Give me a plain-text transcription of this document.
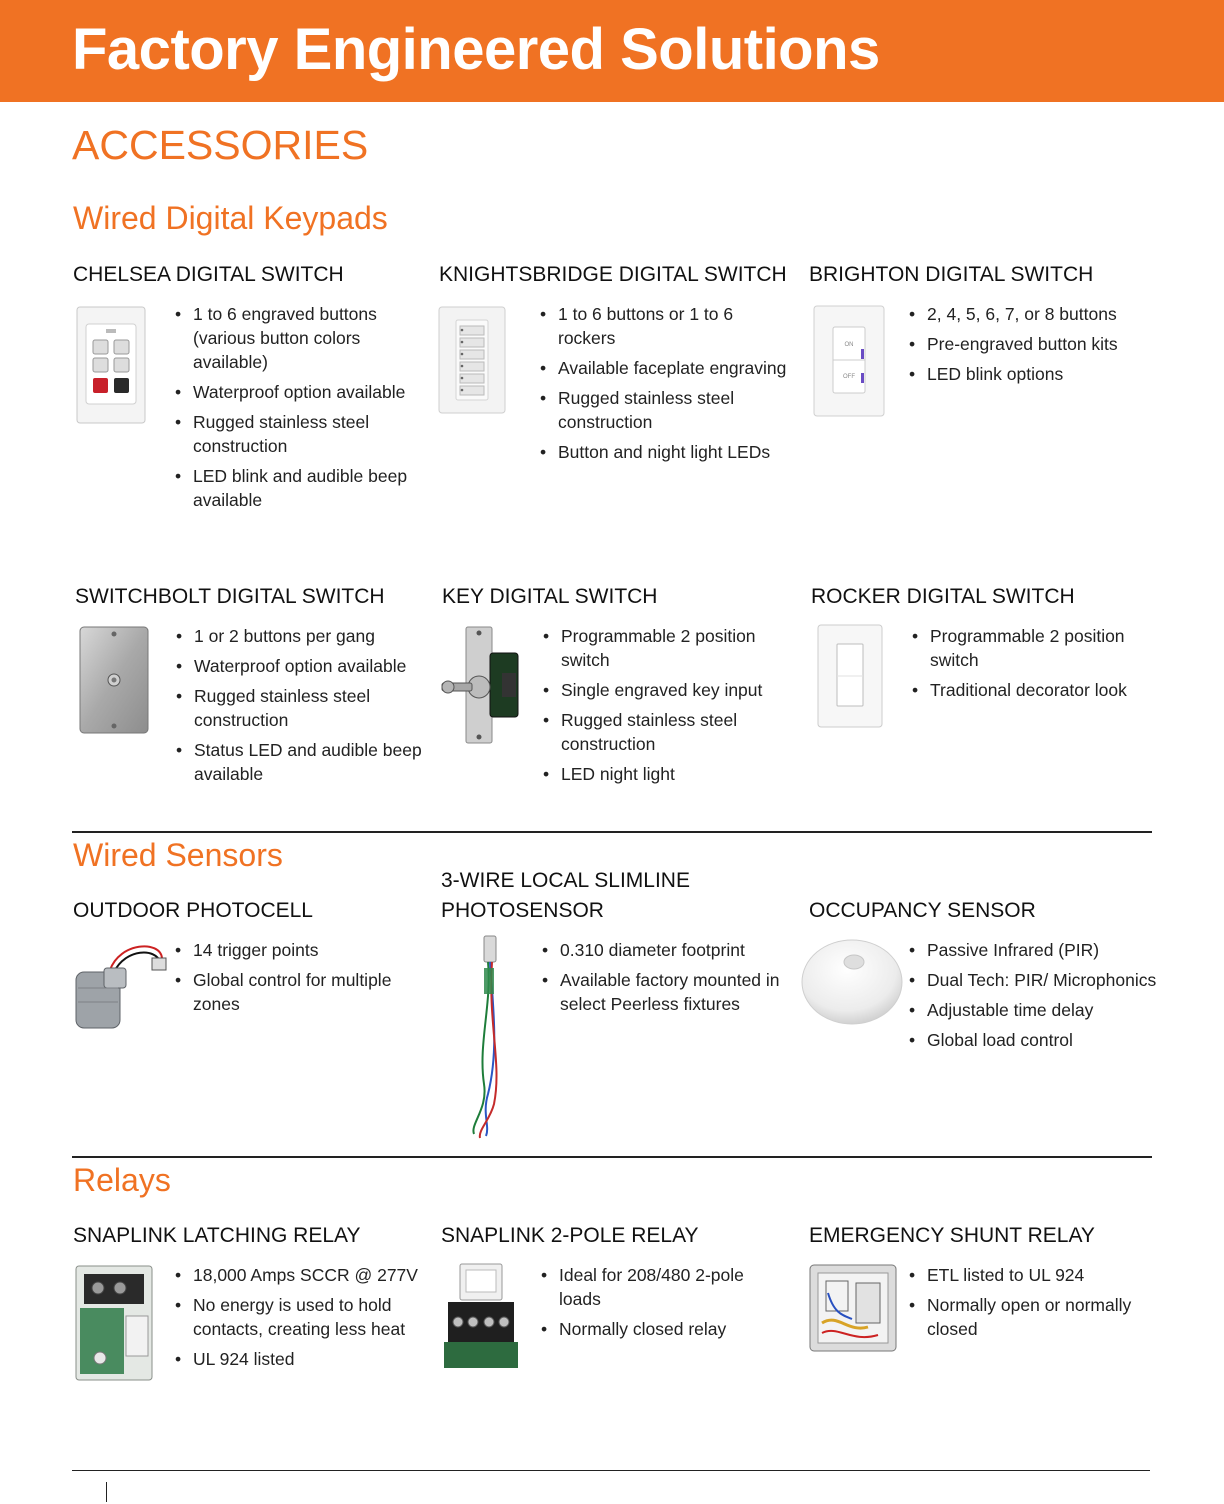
Factory Engineered Solutions
ACCESSORIES
Wired Digital Keypads
CHELSEA DIGITAL SWITCH
• 1 to 6 engraved buttons (various button colors available)
• Waterproof option available
• Rugged stainless steel construction
• LED blink and audible beep available
KNIGHTSBRIDGE DIGITAL SWITCH
• 1 to 6 buttons or 1 to 6 rockers
• Available faceplate engraving
• Rugged stainless steel construction
• Button and night light LEDs
BRIGHTON DIGITAL SWITCH
ON
OFF
• 2, 4, 5, 6, 7, or 8 buttons
• Pre-engraved button kits
• LED blink options
SWITCHBOLT DIGITAL SWITCH
• 1 or 2 buttons per gang
• Waterproof option available
• Rugged stainless steel construction
• Status LED and audible beep available
KEY DIGITAL SWITCH
• Programmable 2 position switch
• Single engraved key input
• Rugged stainless steel construction
• LED night light
ROCKER DIGITAL SWITCH
• Programmable 2 position switch
• Traditional decorator look
Wired Sensors
OUTDOOR PHOTOCELL
• 14 trigger points
• Global control for multiple zones
3-WIRE LOCAL SLIMLINE
PHOTOSENSOR
• 0.310 diameter footprint
• Available factory mounted in select Peerless fixtures
OCCUPANCY SENSOR
• Passive Infrared (PIR)
• Dual Tech: PIR/ Microphonics
• Adjustable time delay
• Global load control
Relays
SNAPLINK LATCHING RELAY
• 18,000 Amps SCCR @ 277V
• No energy is used to hold contacts, creating less heat
• UL 924 listed
SNAPLINK 2-POLE RELAY
• Ideal for 208/480 2-pole loads
• Normally closed relay
EMERGENCY SHUNT RELAY
• ETL listed to UL 924
• Normally open or normally closed
